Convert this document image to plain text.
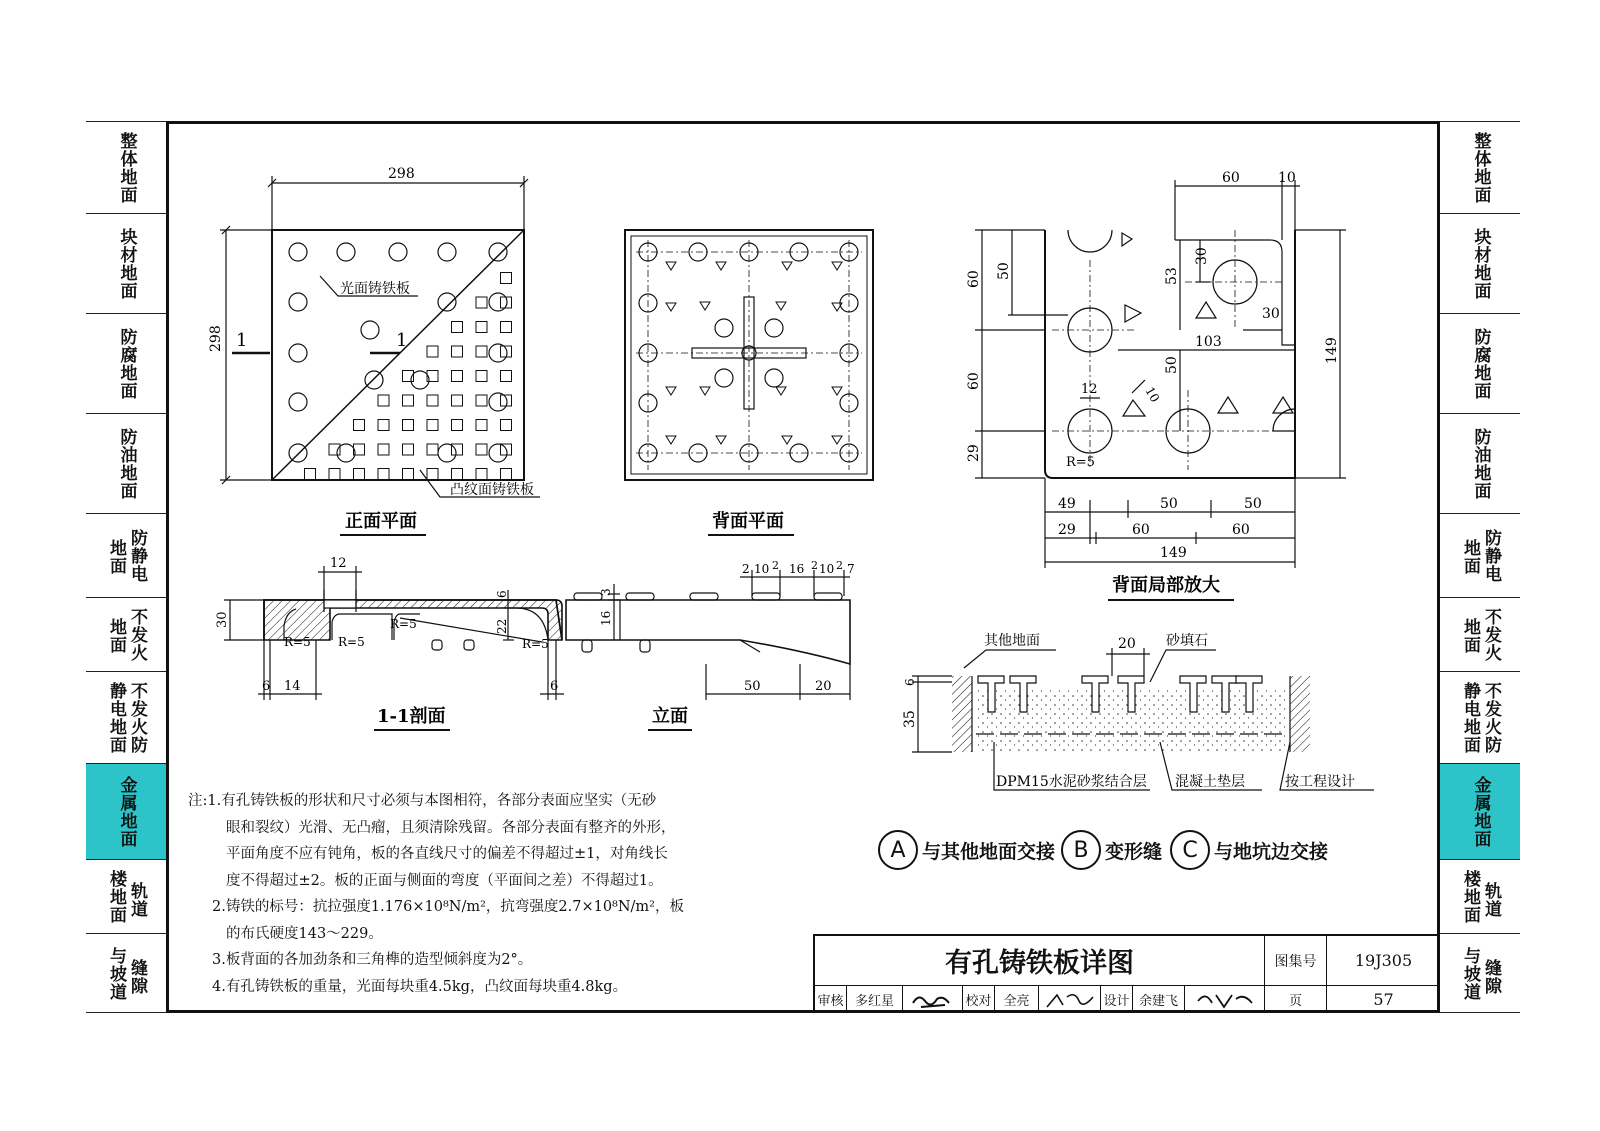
整体地面
块材地面
防腐地面
防油地面
防静电
地面
不发火
地面
不发火防
静电地面
金属地面
轨道
楼地面
缝隙
与坡道
整体地面
块材地面
防腐地面
防油地面
防静电
地面
不发火
地面
不发火防
静电地面
金属地面
轨道
楼地面
缝隙
与坡道
298
298 1	1
光面铸铁板
凸纹面铸铁板
正面平面	背面平面
60	10
60
60
29
50	53
30
30
103
50
12	10
R=5
149
49	50	50
29	60	60
149
背面局部放大
12
30
6
22
6 14	6
R=5 R=5
R=5
R=5
1-1剖面
2 10 2 16 2 10 2 7
3
16
50	20
立面
其他地面	20 砂填石
6
35
DPM15水泥砂浆结合层 混凝土垫层	按工程设计
A 与其他地面交接 B 变形缝 C 与地坑边交接
注:1.有孔铸铁板的形状和尺寸必须与本图相符，各部分表面应坚实（无砂
眼和裂纹）光滑、无凸瘤，且须清除残留。各部分表面有整齐的外形，
平面角度不应有钝角，板的各直线尺寸的偏差不得超过±1，对角线长
度不得超过±2。板的正面与侧面的弯度（平面间之差）不得超过1。
2.铸铁的标号：抗拉强度1.176×10⁸N/m²，抗弯强度2.7×10⁸N/m²，板
的布氏硬度143～229。
3.板背面的各加劲条和三角榫的造型倾斜度为2°。
4.有孔铸铁板的重量，光面每块重4.5kg，凸纹面每块重4.8kg。
有孔铸铁板详图	图集号	19J305
审核 多红星	校对 全亮	设计 余建飞	页	57
